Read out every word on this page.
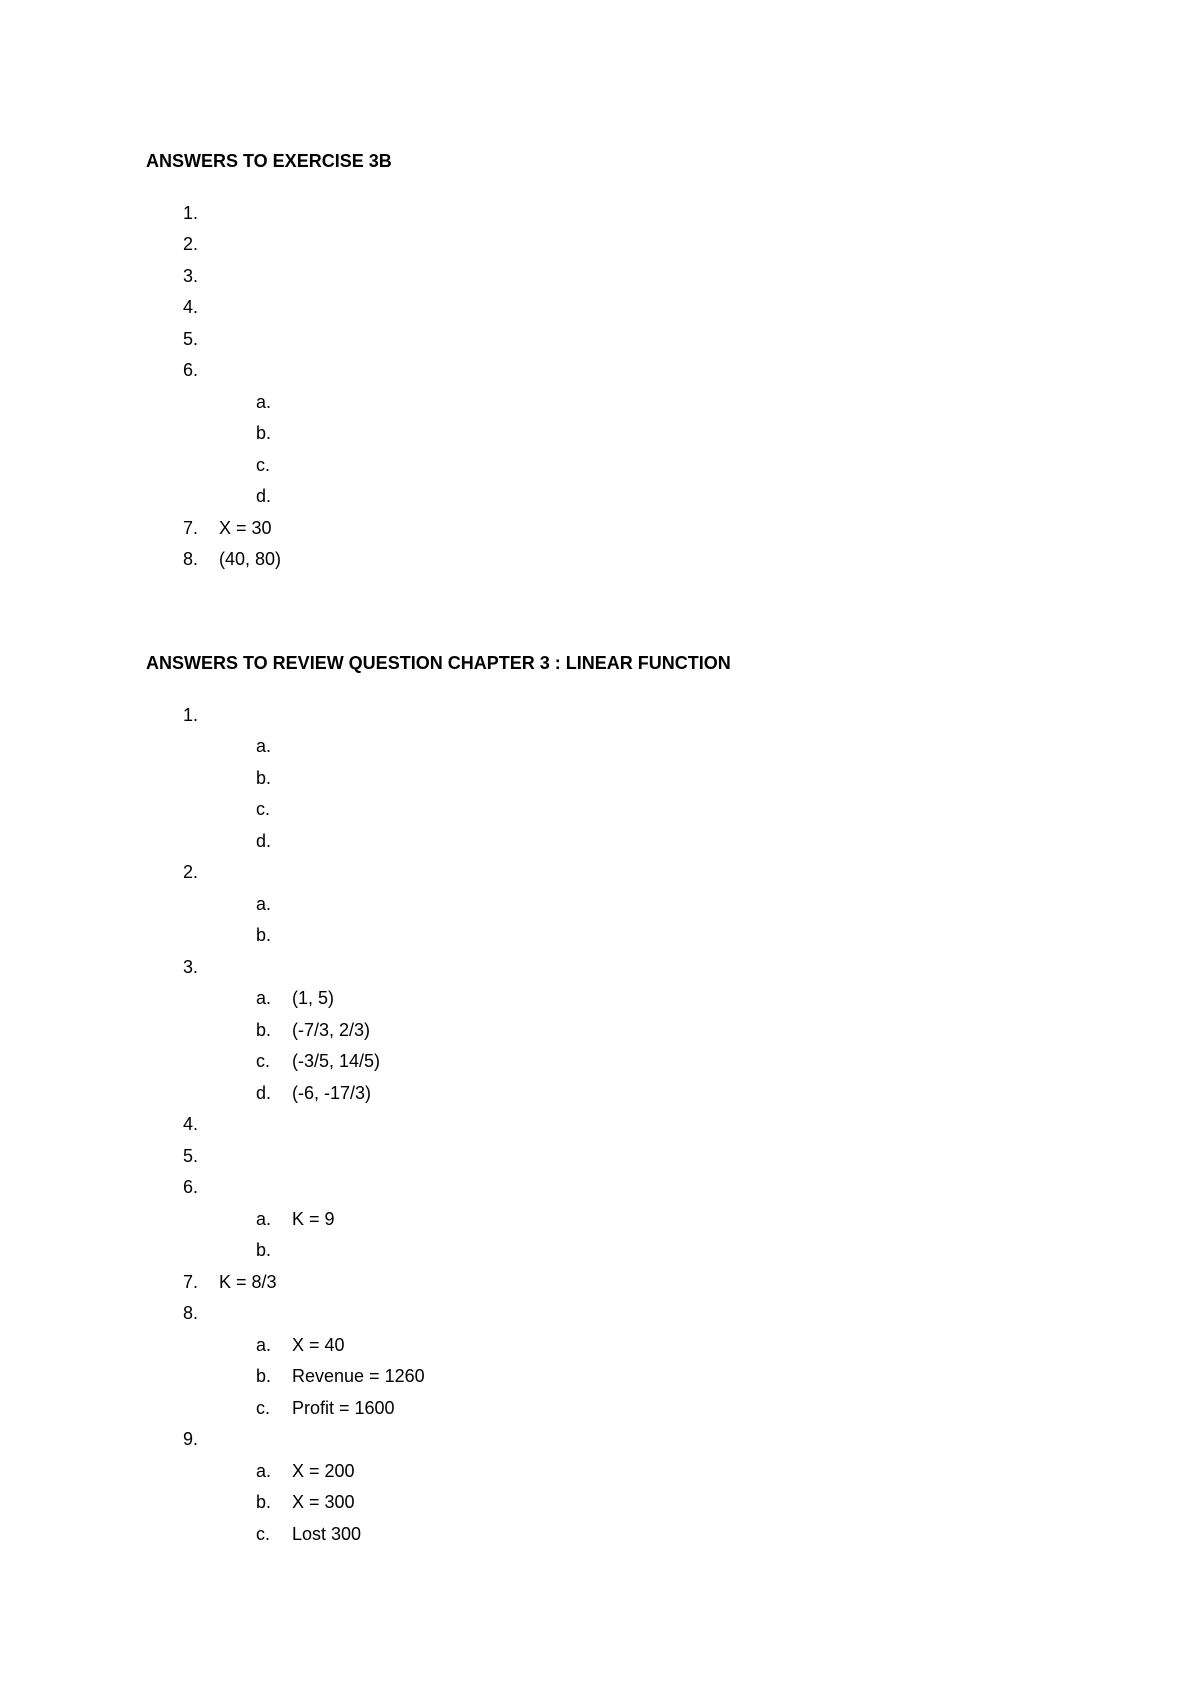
ANSWERS TO EXERCISE 3B
1.
2.
3.
4.
5.
6.
a.
b.
c.
d.
7. X = 30
8. (40, 80)
ANSWERS TO REVIEW QUESTION CHAPTER 3 : LINEAR FUNCTION
1.
a.
b.
c.
d.
2.
a.
b.
3.
a. (1, 5)
b. (-7/3, 2/3)
c. (-3/5, 14/5)
d. (-6, -17/3)
4.
5.
6.
a. K = 9
b.
7. K = 8/3
8.
a. X = 40
b. Revenue = 1260
c. Profit = 1600
9.
a. X = 200
b. X = 300
c. Lost 300
